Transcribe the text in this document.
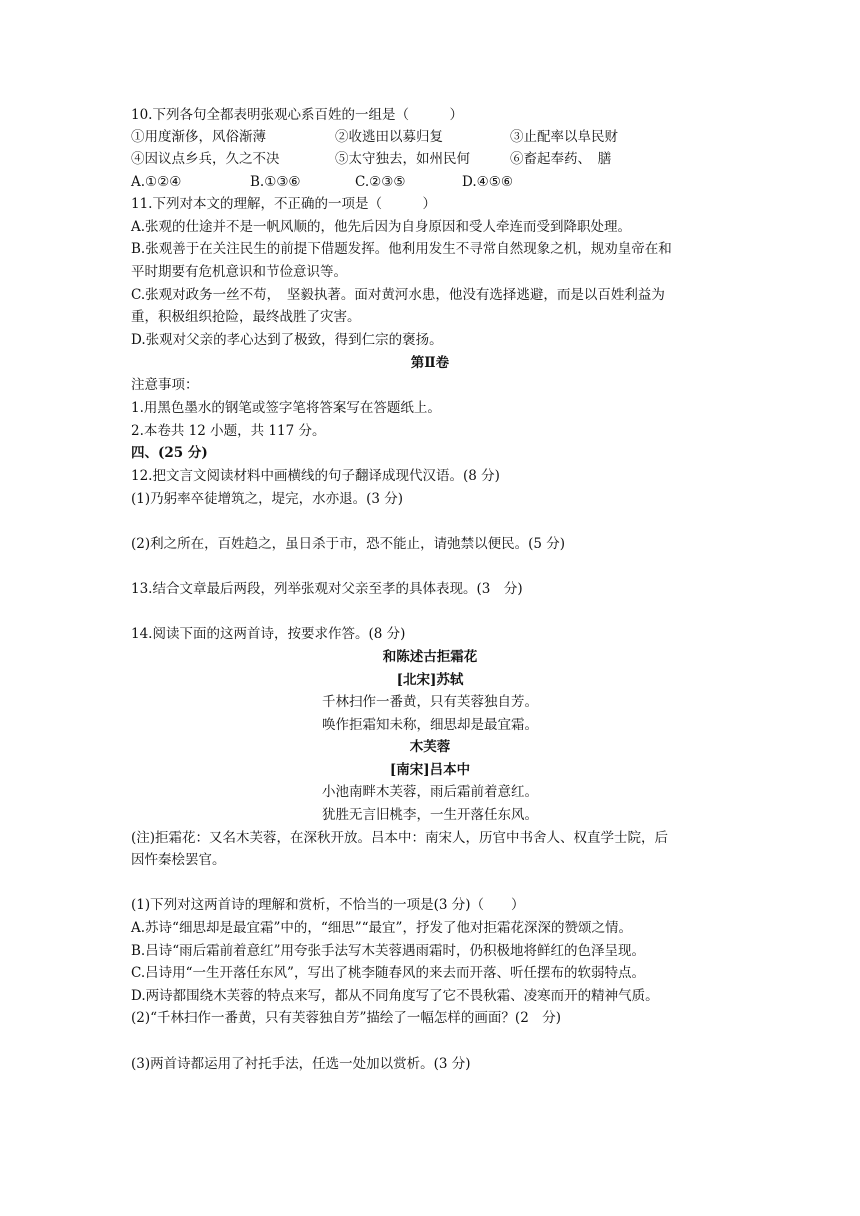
10.下列各句全都表明张观心系百姓的一组是（　　　）
①用度渐侈，风俗渐薄	②收逃田以募归复	③止配率以阜民财
④因议点乡兵，久之不决	⑤太守独去，如州民何	⑥畜起奉药、　膳
A.①②④	B.①③⑥	C.②③⑤	D.④⑤⑥
11.下列对本文的理解，不正确的一项是（　　　）
A.张观的仕途并不是一帆风顺的，他先后因为自身原因和受人牵连而受到降职处理。
B.张观善于在关注民生的前提下借题发挥。他利用发生不寻常自然现象之机，规劝皇帝在和
平时期要有危机意识和节俭意识等。
C.张观对政务一丝不苟，　坚毅执著。面对黄河水患，他没有选择逃避，而是以百姓利益为
重，积极组织抢险，最终战胜了灾害。
D.张观对父亲的孝心达到了极致，得到仁宗的褒扬。
第Ⅱ卷
注意事项：
1.用黑色墨水的钢笔或签字笔将答案写在答题纸上。
2.本卷共 12 小题，共 117 分。
四、(25 分)
12.把文言文阅读材料中画横线的句子翻译成现代汉语。(8 分)
(1)乃躬率卒徒增筑之，堤完，水亦退。(3 分)
(2)利之所在，百姓趋之，虽日杀于市，恐不能止，请弛禁以便民。(5 分)
13.结合文章最后两段，列举张观对父亲至孝的具体表现。(3　分)
14.阅读下面的这两首诗，按要求作答。(8 分)
和陈述古拒霜花
[北宋]苏轼
千林扫作一番黄，只有芙蓉独自芳。
唤作拒霜知未称，细思却是最宜霜。
木芙蓉
[南宋]吕本中
小池南畔木芙蓉，雨后霜前着意红。
犹胜无言旧桃李，一生开落任东风。
(注)拒霜花：又名木芙蓉，在深秋开放。吕本中：南宋人，历官中书舍人、权直学士院，后
因忤秦桧罢官。
(1)下列对这两首诗的理解和赏析，不恰当的一项是(3 分)（　　）
A.苏诗“细思却是最宜霜”中的，“细思”“最宜”，抒发了他对拒霜花深深的赞颂之情。
B.吕诗“雨后霜前着意红”用夸张手法写木芙蓉遇雨霜时，仍积极地将鲜红的色泽呈现。
C.吕诗用“一生开落任东风”，写出了桃李随春风的来去而开落、听任摆布的软弱特点。
D.两诗都围绕木芙蓉的特点来写，都从不同角度写了它不畏秋霜、凌寒而开的精神气质。
(2)“千林扫作一番黄，只有芙蓉独自芳”描绘了一幅怎样的画面？(2　分)
(3)两首诗都运用了衬托手法，任选一处加以赏析。(3 分)
